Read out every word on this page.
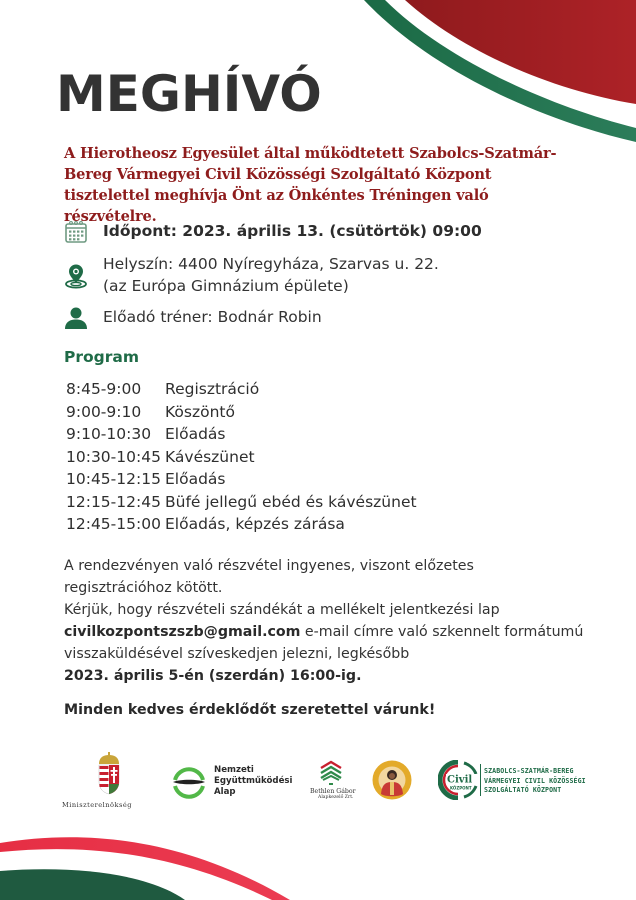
MEGHÍVÓ

A Hierotheosz Egyesület által működtetett Szabolcs-Szatmár-Bereg Vármegyei Civil Közösségi Szolgáltató Központ tisztelettel meghívja Önt az Önkéntes Tréningen való részvételre.

Időpont: 2023. április 13. (csütörtök) 09:00
Helyszín: 4400 Nyíregyháza, Szarvas u. 22.
(az Európa Gimnázium épülete)
Előadó tréner: Bodnár Robin
Program
8:45-9:00	Regisztráció
9:00-9:10	Köszöntő
9:10-10:30 Előadás
10:30-10:45 Kávészünet
10:45-12:15 Előadás
12:15-12:45 Büfé jellegű ebéd és kávészünet
12:45-15:00 Előadás, képzés zárása

A rendezvényen való részvétel ingyenes, viszont előzetes regisztrációhoz kötött.
Kérjük, hogy részvételi szándékát a mellékelt jelentkezési lap
civilkozpontszszb@gmail.com e-mail címre való szkennelt formátumú visszaküldésével szíveskedjen jelezni, legkésőbb
2023. április 5-én (szerdán) 16:00-ig.

Minden kedves érdeklődőt szeretettel várunk!

Miniszterelnökség
Nemzeti
Együttműködési
Alap	Bethlen Gábor
Alapkezelő Zrt.
Civil
KÖZPONT
SZABOLCS-SZATMÁR-BEREG
VÁRMEGYEI CIVIL KÖZÖSSÉGI
SZOLGÁLTATÓ KÖZPONT
